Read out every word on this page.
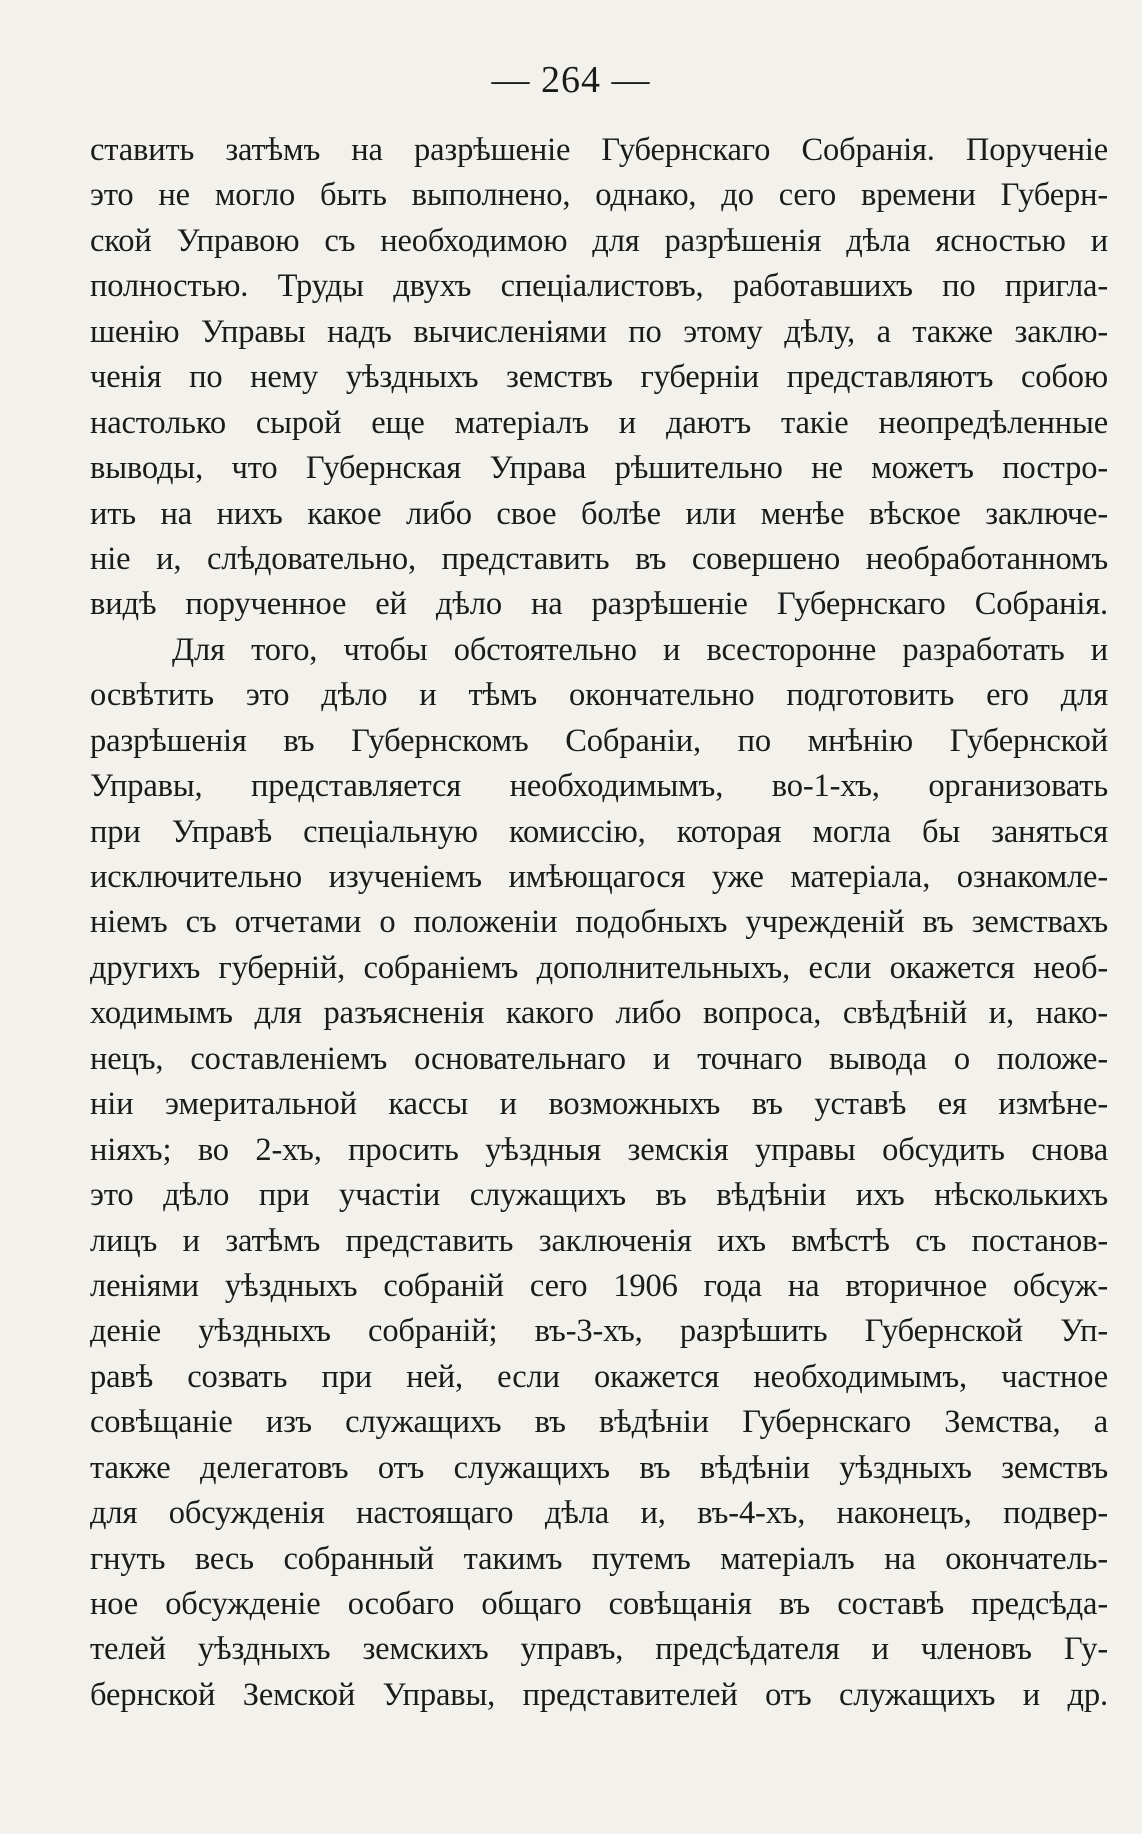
— 264 —
ставить затѣмъ на разрѣшеніе Губернскаго Собранія. Порученіе
это не могло быть выполнено, однако, до сего времени Губерн-
ской Управою съ необходимою для разрѣшенія дѣла ясностью и
полностью. Труды двухъ спеціалистовъ, работавшихъ по пригла-
шенію Управы надъ вычисленіями по этому дѣлу, а также заклю-
ченія по нему уѣздныхъ земствъ губерніи представляютъ собою
настолько сырой еще матеріалъ и даютъ такіе неопредѣленные
выводы, что Губернская Управа рѣшительно не можетъ постро-
ить на нихъ какое либо свое болѣе или менѣе вѣское заключе-
ніе и, слѣдовательно, представить въ совершено необработанномъ
видѣ порученное ей дѣло на разрѣшеніе Губернскаго Собранія.
Для того, чтобы обстоятельно и всесторонне разработать и
освѣтить это дѣло и тѣмъ окончательно подготовить его для
разрѣшенія въ Губернскомъ Собраніи, по мнѣнію Губернской
Управы, представляется необходимымъ, во-1-хъ, организовать
при Управѣ спеціальную комиссію, которая могла бы заняться
исключительно изученіемъ имѣющагося уже матеріала, ознакомле-
ніемъ съ отчетами о положеніи подобныхъ учрежденій въ земствахъ
другихъ губерній, собраніемъ дополнительныхъ, если окажется необ-
ходимымъ для разъясненія какого либо вопроса, свѣдѣній и, нако-
нецъ, составленіемъ основательнаго и точнаго вывода о положе-
ніи эмеритальной кассы и возможныхъ въ уставѣ ея измѣне-
ніяхъ; во 2-хъ, просить уѣздныя земскія управы обсудить снова
это дѣло при участіи служащихъ въ вѣдѣніи ихъ нѣсколькихъ
лицъ и затѣмъ представить заключенія ихъ вмѣстѣ съ постанов-
леніями уѣздныхъ собраній сего 1906 года на вторичное обсуж-
деніе уѣздныхъ собраній; въ-3-хъ, разрѣшить Губернской Уп-
равѣ созвать при ней, если окажется необходимымъ, частное
совѣщаніе изъ служащихъ въ вѣдѣніи Губернскаго Земства, а
также делегатовъ отъ служащихъ въ вѣдѣніи уѣздныхъ земствъ
для обсужденія настоящаго дѣла и, въ-4-хъ, наконецъ, подвер-
гнуть весь собранный такимъ путемъ матеріалъ на окончатель-
ное обсужденіе особаго общаго совѣщанія въ составѣ предсѣда-
телей уѣздныхъ земскихъ управъ, предсѣдателя и членовъ Гу-
бернской Земской Управы, представителей отъ служащихъ и др.
